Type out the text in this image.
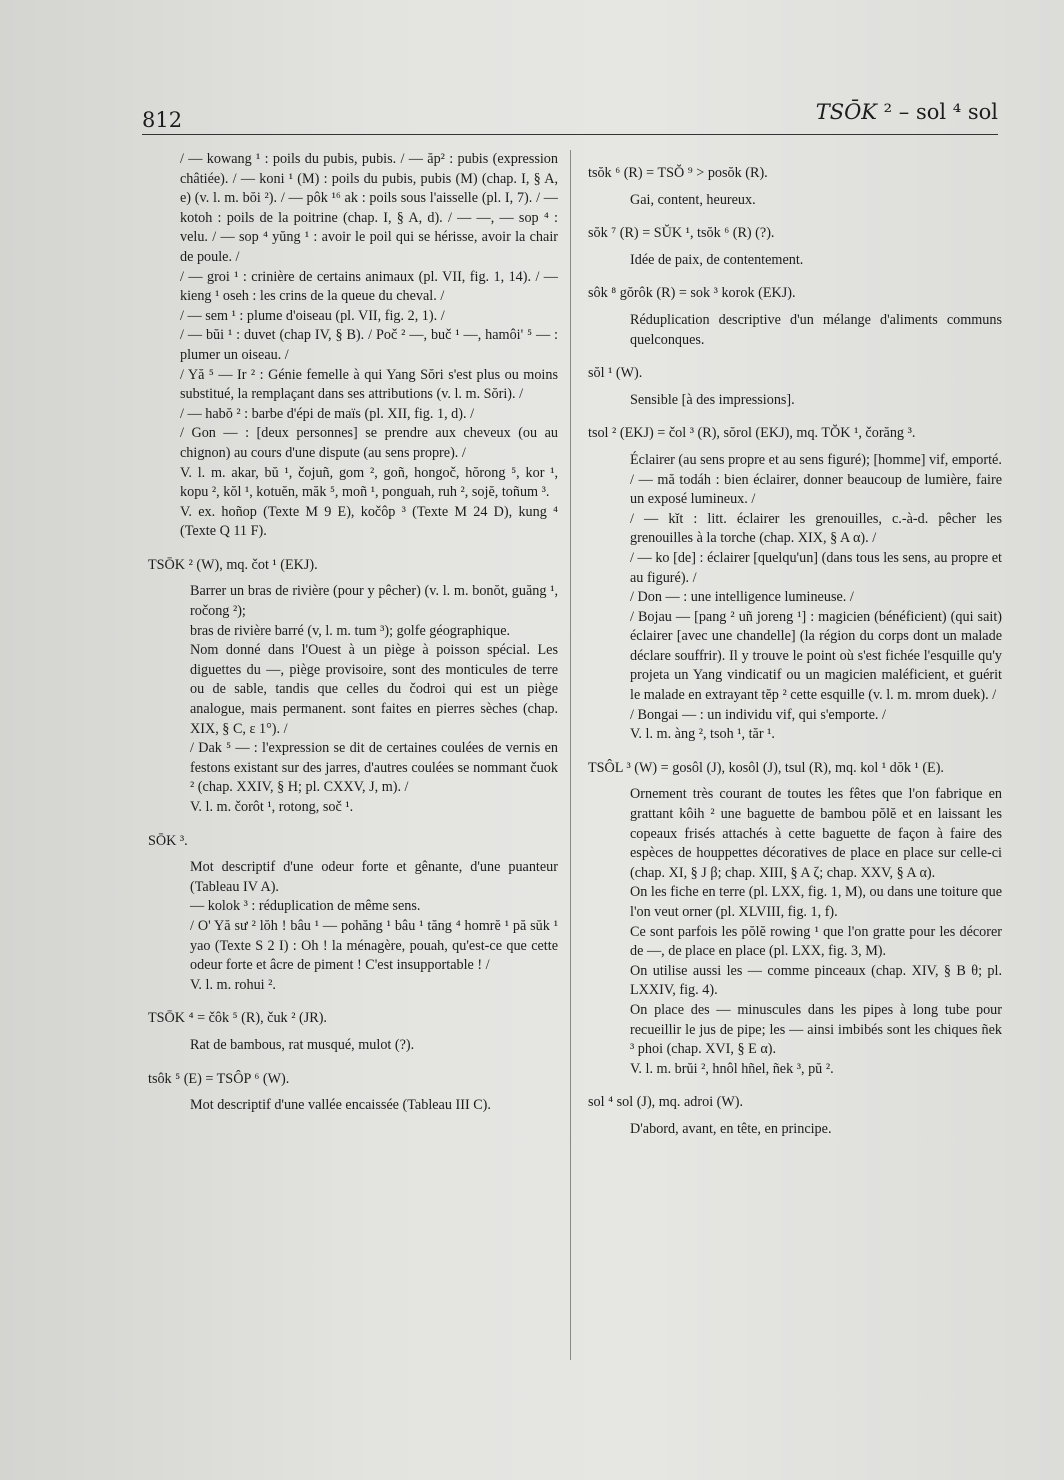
812	TSŌK ² – sol ⁴ sol

/ — kowang ¹ : poils du pubis, pubis. / — ăp² : pubis (expression châtiée). / — koni ¹ (M) : poils du pubis, pubis (M) (chap. I, § A, e) (v. l. m. bŏi ²). / — pôk ¹⁶ ak : poils sous l'aisselle (pl. I, 7). / — kotoh : poils de la poitrine (chap. I, § A, d). / — —, — sop ⁴ : velu. / — sop ⁴ yŭng ¹ : avoir le poil qui se hérisse, avoir la chair de poule. /

/ — groi ¹ : crinière de certains animaux (pl. VII, fig. 1, 14). / — kieng ¹ oseh : les crins de la queue du cheval. /

/ — sem ¹ : plume d'oiseau (pl. VII, fig. 2, 1). /

/ — bŭi ¹ : duvet (chap IV, § B). / Poč ² —, buč ¹ —, hamôi' ⁵ — : plumer un oiseau. /

/ Yă ⁵ — Ir ² : Génie femelle à qui Yang Sŏri s'est plus ou moins substitué, la remplaçant dans ses attributions (v. l. m. Sŏri). /

/ — habŏ ² : barbe d'épi de maïs (pl. XII, fig. 1, d). /

/ Gon — : [deux personnes] se prendre aux cheveux (ou au chignon) au cours d'une dispute (au sens propre). /

V. l. m. akar, bŭ ¹, čojuñ, gom ², goñ, hongoč, hŏrong ⁵, kor ¹, kopu ², kŏl ¹, kotuĕn, măk ⁵, moñ ¹, ponguah, ruh ², sojĕ, toñum ³.

V. ex. hoñop (Texte M 9 E), kočôp ³ (Texte M 24 D), kung ⁴ (Texte Q 11 F).

TSŌK ² (W), mq. čot ¹ (EKJ).

Barrer un bras de rivière (pour y pêcher) (v. l. m. bonŏt, guăng ¹, ročong ²);

bras de rivière barré (v, l. m. tum ³); golfe géographique.

Nom donné dans l'Ouest à un piège à poisson spécial. Les diguettes du —, piège provisoire, sont des monticules de terre ou de sable, tandis que celles du čodroi qui est un piège analogue, mais permanent. sont faites en pierres sèches (chap. XIX, § C, ε 1°). /

/ Dak ⁵ — : l'expression se dit de certaines coulées de vernis en festons existant sur des jarres, d'autres coulées se nommant čuok ² (chap. XXIV, § H; pl. CXXV, J, m). /

V. l. m. čorôt ¹, rotong, soč ¹.

SŌK ³.

Mot descriptif d'une odeur forte et gênante, d'une puanteur (Tableau IV A).

— kolok ³ : réduplication de même sens.

/ O' Yă sư ² lŏh ! bâu ¹ — pohăng ¹ bâu ¹ tăng ⁴ homrĕ ¹ pă sŭk ¹ yao (Texte S 2 I) : Oh ! la ménagère, pouah, qu'est-ce que cette odeur forte et âcre de piment ! C'est insupportable ! /

V. l. m. rohui ².

TSŌK ⁴ = čôk ⁵ (R), čuk ² (JR).

Rat de bambous, rat musqué, mulot (?).

tsôk ⁵ (E) = TSÔP ⁶ (W).

Mot descriptif d'une vallée encaissée (Tableau III C).

tsŏk ⁶ (R) = TSŎ ⁹ > posŏk (R).

Gai, content, heureux.

sŏk ⁷ (R) = SŬK ¹, tsŏk ⁶ (R) (?).

Idée de paix, de contentement.

sôk ⁸ gŏrôk (R) = sok ³ korok (EKJ).

Réduplication descriptive d'un mélange d'aliments communs quelconques.

sŏl ¹ (W).

Sensible [à des impressions].

tsol ² (EKJ) = čol ³ (R), sŏrol (EKJ), mq. TŎK ¹, čorăng ³.

Éclairer (au sens propre et au sens figuré); [homme] vif, emporté.

/ — mă todáh : bien éclairer, donner beaucoup de lumière, faire un exposé lumineux. /

/ — kĭt : litt. éclairer les grenouilles, c.-à-d. pêcher les grenouilles à la torche (chap. XIX, § A α). /

/ — ko [de] : éclairer [quelqu'un] (dans tous les sens, au propre et au figuré). /

/ Don — : une intelligence lumineuse. /

/ Bojau — [pang ² uñ joreng ¹] : magicien (bénéficient) (qui sait) éclairer [avec une chandelle] (la région du corps dont un malade déclare souffrir). Il y trouve le point où s'est fichée l'esquille qu'y projeta un Yang vindicatif ou un magicien maléficient, et guérit le malade en extrayant tĕp ² cette esquille (v. l. m. mrom duek). /

/ Bongai — : un individu vif, qui s'emporte. /

V. l. m. àng ², tsoh ¹, tăr ¹.

TSÔL ³ (W) = gosôl (J), kosôl (J), tsul (R), mq. kol ¹ dŏk ¹ (E).

Ornement très courant de toutes les fêtes que l'on fabrique en grattant kôih ² une baguette de bambou pŏlĕ et en laissant les copeaux frisés attachés à cette baguette de façon à faire des espèces de houppettes décoratives de place en place sur celle-ci (chap. XI, § J β; chap. XIII, § A ζ; chap. XXV, § A α).

On les fiche en terre (pl. LXX, fig. 1, M), ou dans une toiture que l'on veut orner (pl. XLVIII, fig. 1, f).

Ce sont parfois les pŏlĕ rowing ¹ que l'on gratte pour les décorer de —, de place en place (pl. LXX, fig. 3, M).

On utilise aussi les — comme pinceaux (chap. XIV, § B θ; pl. LXXIV, fig. 4).

On place des — minuscules dans les pipes à long tube pour recueillir le jus de pipe; les — ainsi imbibés sont les chiques ñek ³ phoi (chap. XVI, § E α).

V. l. m. brŭi ², hnôl hñel, ñek ³, pŭ ².

sol ⁴ sol (J), mq. adroi (W).

D'abord, avant, en tête, en principe.
